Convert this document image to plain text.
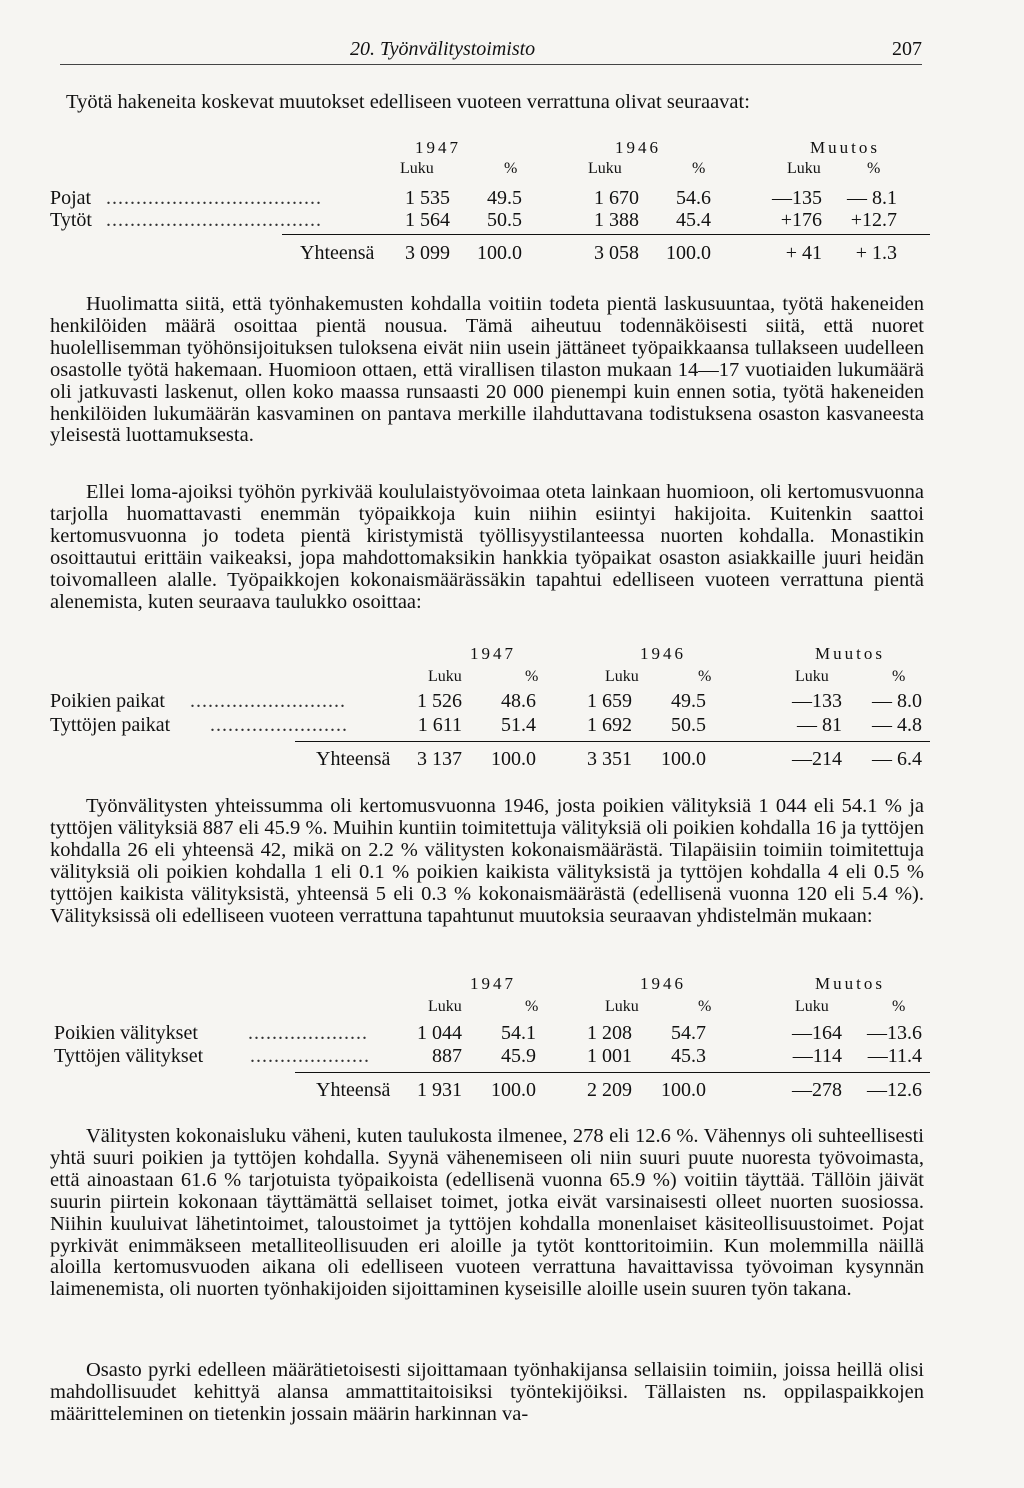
20. Työnvälitystoimisto	207

Työtä hakeneita koskevat muutokset edelliseen vuoteen verrattuna olivat seuraavat:

1947	1946	Muutos
Luku	%	Luku	%	Luku	%
Pojat ....................................	1 535	49.5	1 670	54.6	—135	— 8.1
Tytöt ....................................	1 564	50.5	1 388	45.4	+176	+12.7
Yhteensä	3 099	100.0	3 058	100.0	+ 41	+ 1.3

Huolimatta siitä, että työnhakemusten kohdalla voitiin todeta pientä laskusuuntaa, työtä hakeneiden henkilöiden määrä osoittaa pientä nousua. Tämä aiheutuu todennäköisesti siitä, että nuoret huolellisemman työhönsijoituksen tuloksena eivät niin usein jättäneet työpaikkaansa tullakseen uudelleen osastolle työtä hakemaan. Huomioon ottaen, että virallisen tilaston mukaan 14—17 vuotiaiden lukumäärä oli jatkuvasti laskenut, ollen koko maassa runsaasti 20 000 pienempi kuin ennen sotia, työtä hakeneiden henkilöiden lukumäärän kasvaminen on pantava merkille ilahduttavana todistuksena osaston kasvaneesta yleisestä luottamuksesta.

Ellei loma-ajoiksi työhön pyrkivää koululaistyövoimaa oteta lainkaan huomioon, oli kertomusvuonna tarjolla huomattavasti enemmän työpaikkoja kuin niihin esiintyi hakijoita. Kuitenkin saattoi kertomusvuonna jo todeta pientä kiristymistä työllisyystilanteessa nuorten kohdalla. Monastikin osoittautui erittäin vaikeaksi, jopa mahdottomaksikin hankkia työpaikat osaston asiakkaille juuri heidän toivomalleen alalle. Työpaikkojen kokonaismäärässäkin tapahtui edelliseen vuoteen verrattuna pientä alenemista, kuten seuraava taulukko osoittaa:

1947	1946	Muutos
Luku	%	Luku	%	Luku	%
Poikien paikat ..........................	1 526	48.6	1 659	49.5	—133	— 8.0
Tyttöjen paikat .......................	1 611	51.4	1 692	50.5	— 81	— 4.8
Yhteensä	3 137	100.0	3 351	100.0	—214	— 6.4

Työnvälitysten yhteissumma oli kertomusvuonna 1946, josta poikien välityksiä 1 044 eli 54.1 % ja tyttöjen välityksiä 887 eli 45.9 %. Muihin kuntiin toimitettuja välityksiä oli poikien kohdalla 16 ja tyttöjen kohdalla 26 eli yhteensä 42, mikä on 2.2 % välitysten kokonaismäärästä. Tilapäisiin toimiin toimitettuja välityksiä oli poikien kohdalla 1 eli 0.1 % poikien kaikista välityksistä ja tyttöjen kohdalla 4 eli 0.5 % tyttöjen kaikista välityksistä, yhteensä 5 eli 0.3 % kokonaismäärästä (edellisenä vuonna 120 eli 5.4 %). Välityksissä oli edelliseen vuoteen verrattuna tapahtunut muutoksia seuraavan yhdistelmän mukaan:

1947	1946	Muutos
Luku	%	Luku	%	Luku	%
Poikien välitykset	....................	1 044	54.1	1 208	54.7	—164	—13.6
Tyttöjen välitykset ....................	887	45.9	1 001	45.3	—114	—11.4
Yhteensä	1 931	100.0	2 209	100.0	—278	—12.6

Välitysten kokonaisluku väheni, kuten taulukosta ilmenee, 278 eli 12.6 %. Vähennys oli suhteellisesti yhtä suuri poikien ja tyttöjen kohdalla. Syynä vähenemiseen oli niin suuri puute nuoresta työvoimasta, että ainoastaan 61.6 % tarjotuista työpaikoista (edellisenä vuonna 65.9 %) voitiin täyttää. Tällöin jäivät suurin piirtein kokonaan täyttämättä sellaiset toimet, jotka eivät varsinaisesti olleet nuorten suosiossa. Niihin kuuluivat lähetintoimet, taloustoimet ja tyttöjen kohdalla monenlaiset käsiteollisuustoimet. Pojat pyrkivät enimmäkseen metalliteollisuuden eri aloille ja tytöt konttoritoimiin. Kun molemmilla näillä aloilla kertomusvuoden aikana oli edelliseen vuoteen verrattuna havaittavissa työvoiman kysynnän laimenemista, oli nuorten työnhakijoiden sijoittaminen kyseisille aloille usein suuren työn takana.

Osasto pyrki edelleen määrätietoisesti sijoittamaan työnhakijansa sellaisiin toimiin, joissa heillä olisi mahdollisuudet kehittyä alansa ammattitaitoisiksi työntekijöiksi. Tällaisten ns. oppilaspaikkojen määritteleminen on tietenkin jossain määrin harkinnan va-
